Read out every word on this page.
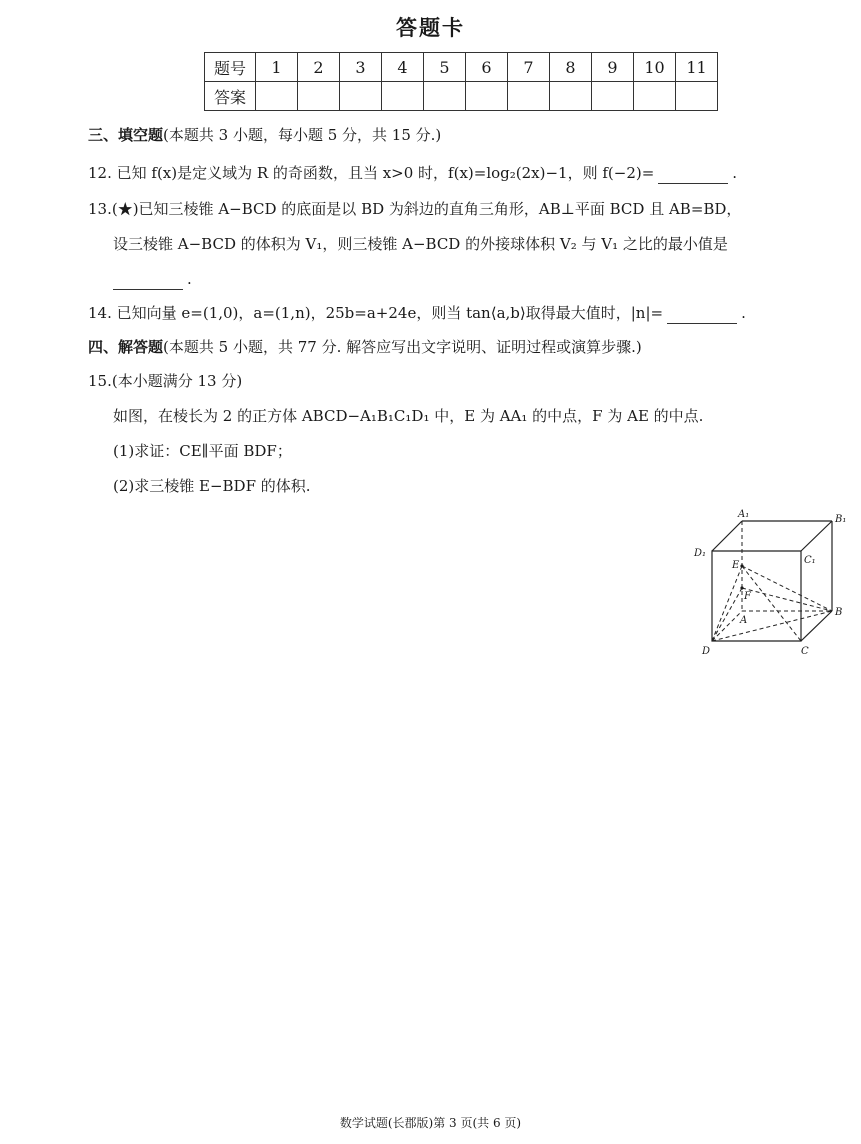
答题卡
题号	1	2	3	4	5	6	7	8	9	10	11
答案											
三、填空题(本题共 3 小题，每小题 5 分，共 15 分.)
12. 已知 f(x)是定义域为 R 的奇函数，且当 x>0 时，f(x)=log₂(2x)−1，则 f(−2)=	.
13.(★)已知三棱锥 A−BCD 的底面是以 BD 为斜边的直角三角形，AB⊥平面 BCD 且 AB=BD，
设三棱锥 A−BCD 的体积为 V₁，则三棱锥 A−BCD 的外接球体积 V₂ 与 V₁ 之比的最小值是
.
14. 已知向量 e=(1,0)，a=(1,n)，25b=a+24e，则当 tan⟨a,b⟩取得最大值时，|n|=	.
四、解答题(本题共 5 小题，共 77 分. 解答应写出文字说明、证明过程或演算步骤.)
15.(本小题满分 13 分)
如图，在棱长为 2 的正方体 ABCD−A₁B₁C₁D₁ 中，E 为 AA₁ 的中点，F 为 AE 的中点.
(1)求证：CE∥平面 BDF；
(2)求三棱锥 E−BDF 的体积.
A₁	B₁
C₁
D₁
E
F
A
B
C
D
数学试题(长郡版)第 3 页(共 6 页)
